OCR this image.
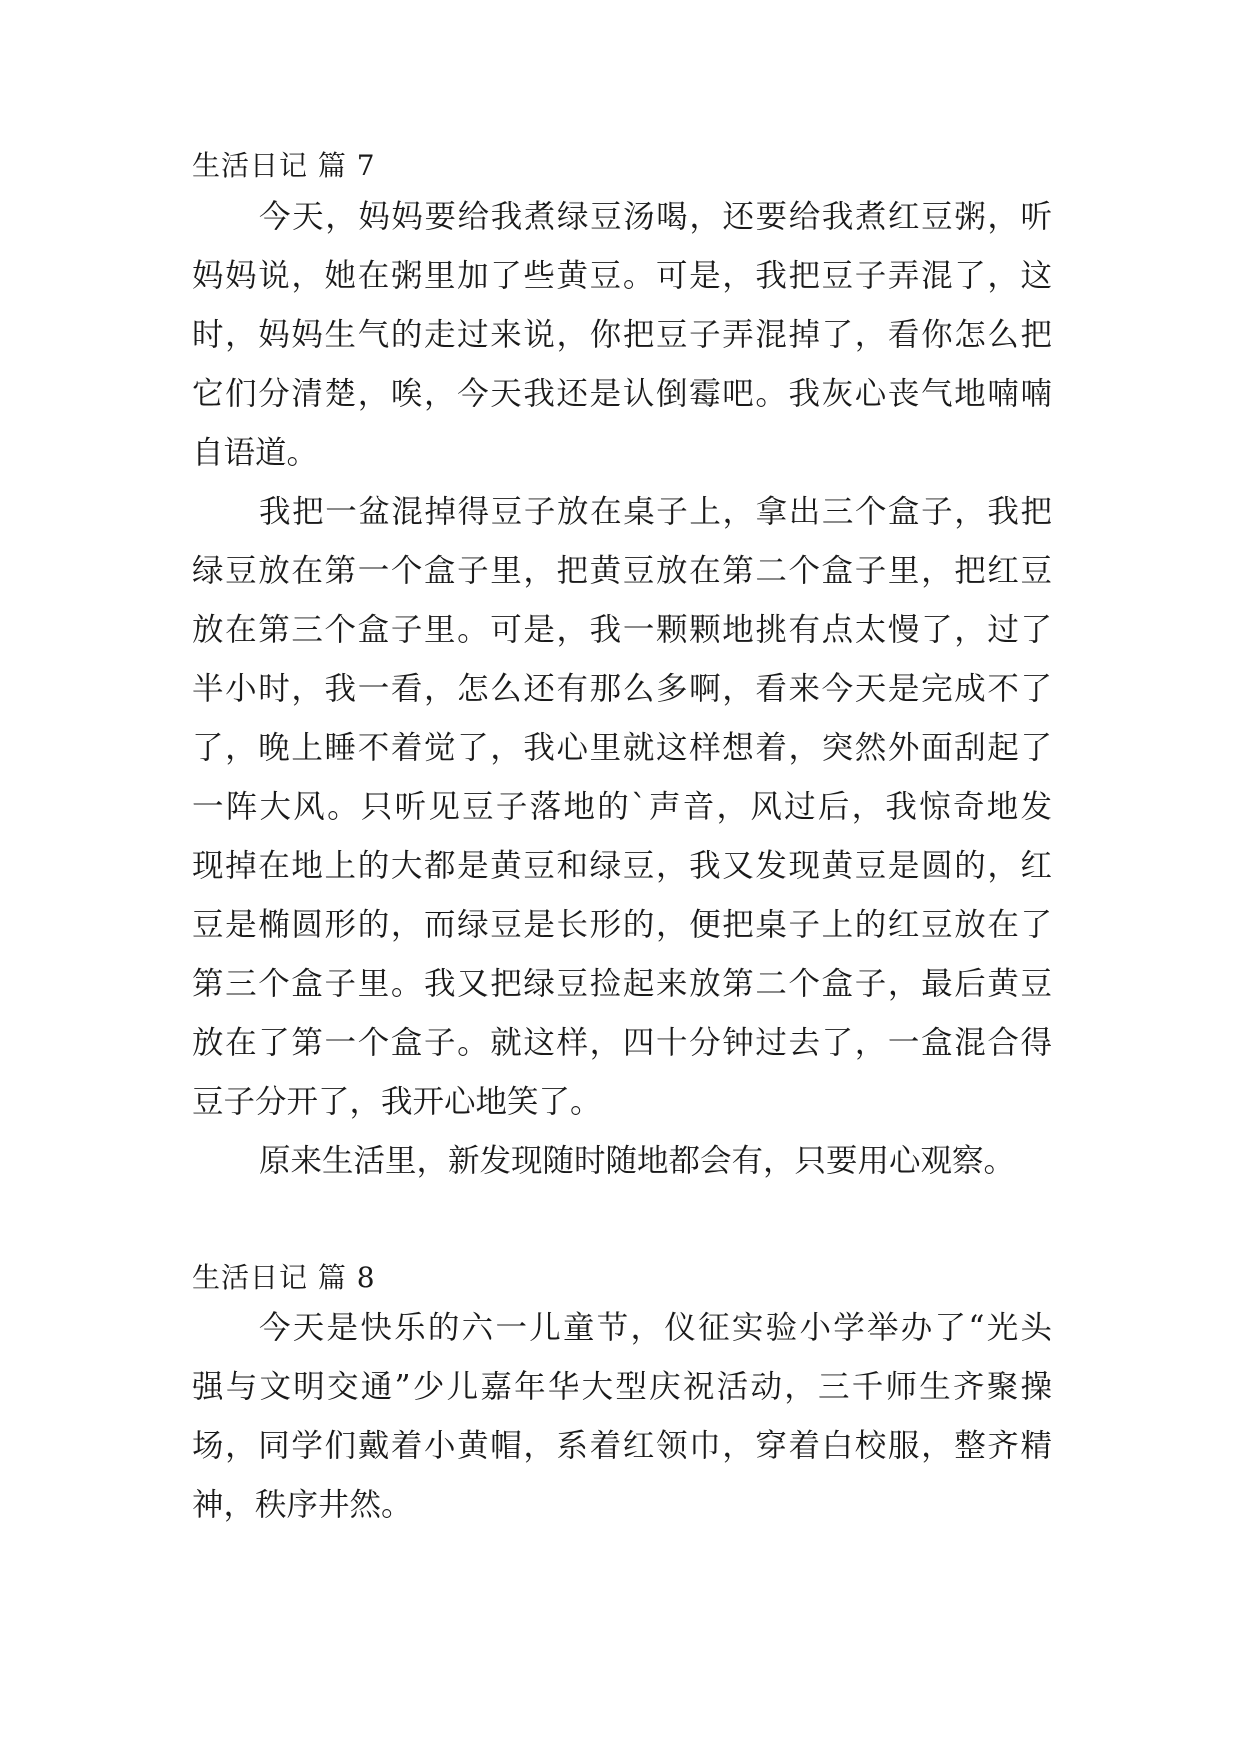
生活日记 篇 7
今天，妈妈要给我煮绿豆汤喝，还要给我煮红豆粥，听
妈妈说，她在粥里加了些黄豆。可是，我把豆子弄混了，这
时，妈妈生气的走过来说，你把豆子弄混掉了，看你怎么把
它们分清楚，唉，今天我还是认倒霉吧。我灰心丧气地喃喃
自语道。
我把一盆混掉得豆子放在桌子上，拿出三个盒子，我把
绿豆放在第一个盒子里，把黄豆放在第二个盒子里，把红豆
放在第三个盒子里。可是，我一颗颗地挑有点太慢了，过了
半小时，我一看，怎么还有那么多啊，看来今天是完成不了
了，晚上睡不着觉了，我心里就这样想着，突然外面刮起了
一阵大风。只听见豆子落地的`声音，风过后，我惊奇地发
现掉在地上的大都是黄豆和绿豆，我又发现黄豆是圆的，红
豆是椭圆形的，而绿豆是长形的，便把桌子上的红豆放在了
第三个盒子里。我又把绿豆捡起来放第二个盒子，最后黄豆
放在了第一个盒子。就这样，四十分钟过去了，一盒混合得
豆子分开了，我开心地笑了。
原来生活里，新发现随时随地都会有，只要用心观察。
生活日记 篇 8
今天是快乐的六一儿童节，仪征实验小学举办了“光头
强与文明交通”少儿嘉年华大型庆祝活动，三千师生齐聚操
场，同学们戴着小黄帽，系着红领巾，穿着白校服，整齐精
神，秩序井然。
